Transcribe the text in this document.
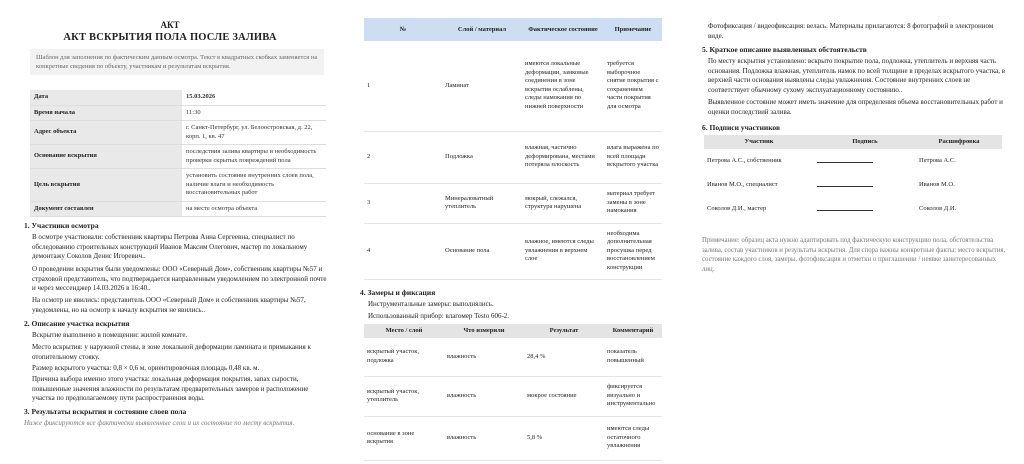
АКТ
АКТ ВСКРЫТИЯ ПОЛА ПОСЛЕ ЗАЛИВА
Шаблон для заполнения по фактическим данным осмотра. Текст в квадратных скобках заменяется на конкретные сведения по объекту, участникам и результатам вскрытия.
Дата	15.03.2026
Время начала	11:30
Адрес объекта	г. Санкт-Петербург, ул. Белоостровская, д. 22, корп. 1, кв. 47
Основание вскрытия	последствия залива квартиры и необходимость проверки скрытых повреждений пола
Цель вскрытия	установить состояние внутренних слоев пола, наличие влаги и необходимость восстановительных работ
Документ составлен	на месте осмотра объекта
1. Участники осмотра
В осмотре участвовали: собственник квартиры Петрова Анна Сергеевна, специалист по обследованию строительных конструкций Иванов Максим Олегович, мастер по локальному демонтажу Соколов Денис Игоревич..
О проведении вскрытия были уведомлены: ООО «Северный Дом», собственник квартиры №57 и страховой представитель, что подтверждается направленным уведомлением по электронной почте и через мессенджер 14.03.2026 в 16:40..
На осмотр не явились: представитель ООО «Северный Дом» и собственник квартиры №57, уведомлены, но на осмотр к началу вскрытия не явились..
2. Описание участка вскрытия
Вскрытие выполнено в помещении: жилой комнате.
Место вскрытия: у наружной стены, в зоне локальной деформации ламината и примыкания к отопительному стояку.
Размер вскрытого участка: 0,8 × 0,6 м, ориентировочная площадь 0,48 кв. м.
Причина выбора именно этого участка: локальная деформация покрытия, запах сырости, повышенные значения влажности по результатам предварительных замеров и расположение участка по предполагаемому пути распространения воды.
3. Результаты вскрытия и состояние слоев пола
Ниже фиксируются все фактически выявленные слои и их состояние по месту вскрытия.
№	Слой / материал	Фактическое состояние	Примечание
1	Ламинат	имеются локальные деформации, замковые соединения в зоне вскрытия ослаблены, следы намокания по нижней поверхности	требуется выборочное снятие покрытия с сохранением части покрытия для осмотра
2	Подложка	влажная, частично деформирована, местами потеряла плоскость	влага выражена по всей площади вскрытого участка
3	Минераловатный утеплитель	мокрый, слежался, структура нарушена	материал требует замены в зоне намокания
4	Основание пола	влажное, имеются следы увлажнения в верхнем слое	необходима дополнительная просушка перед восстановлением конструкции
4. Замеры и фиксация
Инструментальные замеры: выполнялись.
Использованный прибор: влагомер Testo 606-2.
Место / слой	Что измерили	Результат	Комментарий
вскрытый участок, подложка	влажность	28,4 %	показатель повышенный
вскрытый участок, утеплитель	влажность	мокрое состояние	фиксируется визуально и инструментально
основание в зоне вскрытия	влажность	5,8 %	имеются следы остаточного увлажнения
Фотофиксация / видеофиксация: велась. Материалы прилагаются: 8 фотографий в электронном виде.
5. Краткое описание выявленных обстоятельств
По месту вскрытия установлено: вскрыто покрытие пола, подложка, утеплитель и верхняя часть основания. Подложка влажная, утеплитель намок по всей толщине в пределах вскрытого участка, в верхней части основания выявлены следы увлажнения. Состояние внутренних слоев не соответствует обычному сухому эксплуатационному состоянию..
Выявленное состояние может иметь значение для определения объема восстановительных работ и оценки последствий залива.
6. Подписи участников
Участник	Подпись	Расшифровка
Петрова А.С., собственник		Петрова А.С.
Иванов М.О., специалист		Иванов М.О.
Соколов Д.И., мастер		Соколов Д.И.
Примечание: образец акта нужно адаптировать под фактическую конструкцию пола, обстоятельства залива, состав участников и результаты вскрытия. Для спора важны конкретные факты: место вскрытия, состояние каждого слоя, замеры, фотофиксация и отметки о приглашении / неявке заинтересованных лиц.
